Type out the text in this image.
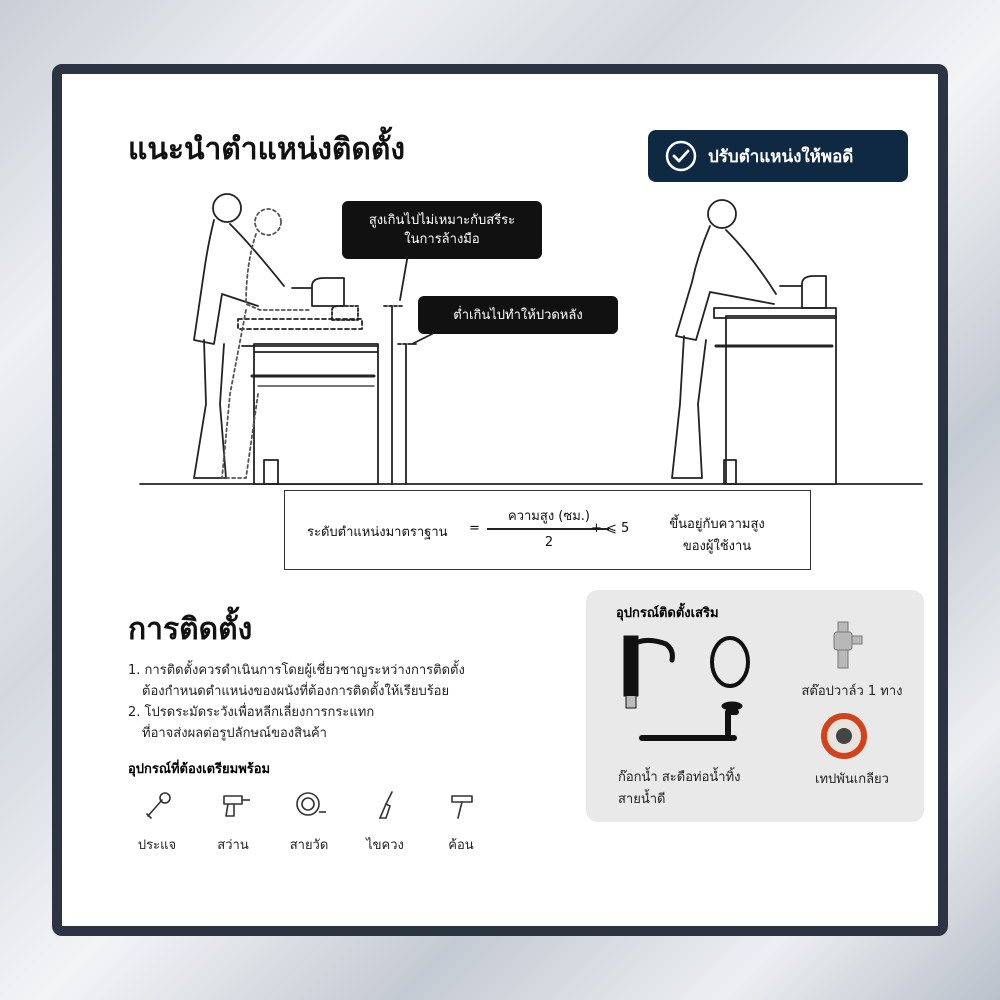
แนะนำตำแหน่งติดตั้ง	ปรับตำแหน่งให้พอดี
สูงเกินไปไม่เหมาะกับสรีระในการล้างมือ
ต่ำเกินไปทำให้ปวดหลัง
ระดับตำแหน่งมาตราฐาน =
ความสูง (ซม.)
2
+ ⩽ 5	ขึ้นอยู่กับความสูง
ของผู้ใช้งาน
การติดตั้ง
1. การติดตั้งควรดำเนินการโดยผู้เชี่ยวชาญระหว่างการติดตั้ง
ต้องกำหนดตำแหน่งของผนังที่ต้องการติดตั้งให้เรียบร้อย
2. โปรดระมัดระวังเพื่อหลีกเลี่ยงการกระแทก
ที่อาจส่งผลต่อรูปลักษณ์ของสินค้า
อุปกรณ์ที่ต้องเตรียมพร้อม
ประแจ	สว่าน	สายวัด	ไขควง	ค้อน
อุปกรณ์ติดตั้งเสริม
ก๊อกน้ำ สะดือท่อน้ำทิ้ง
สายน้ำดี
สต๊อปวาล์ว 1 ทาง
เทปพันเกลียว
